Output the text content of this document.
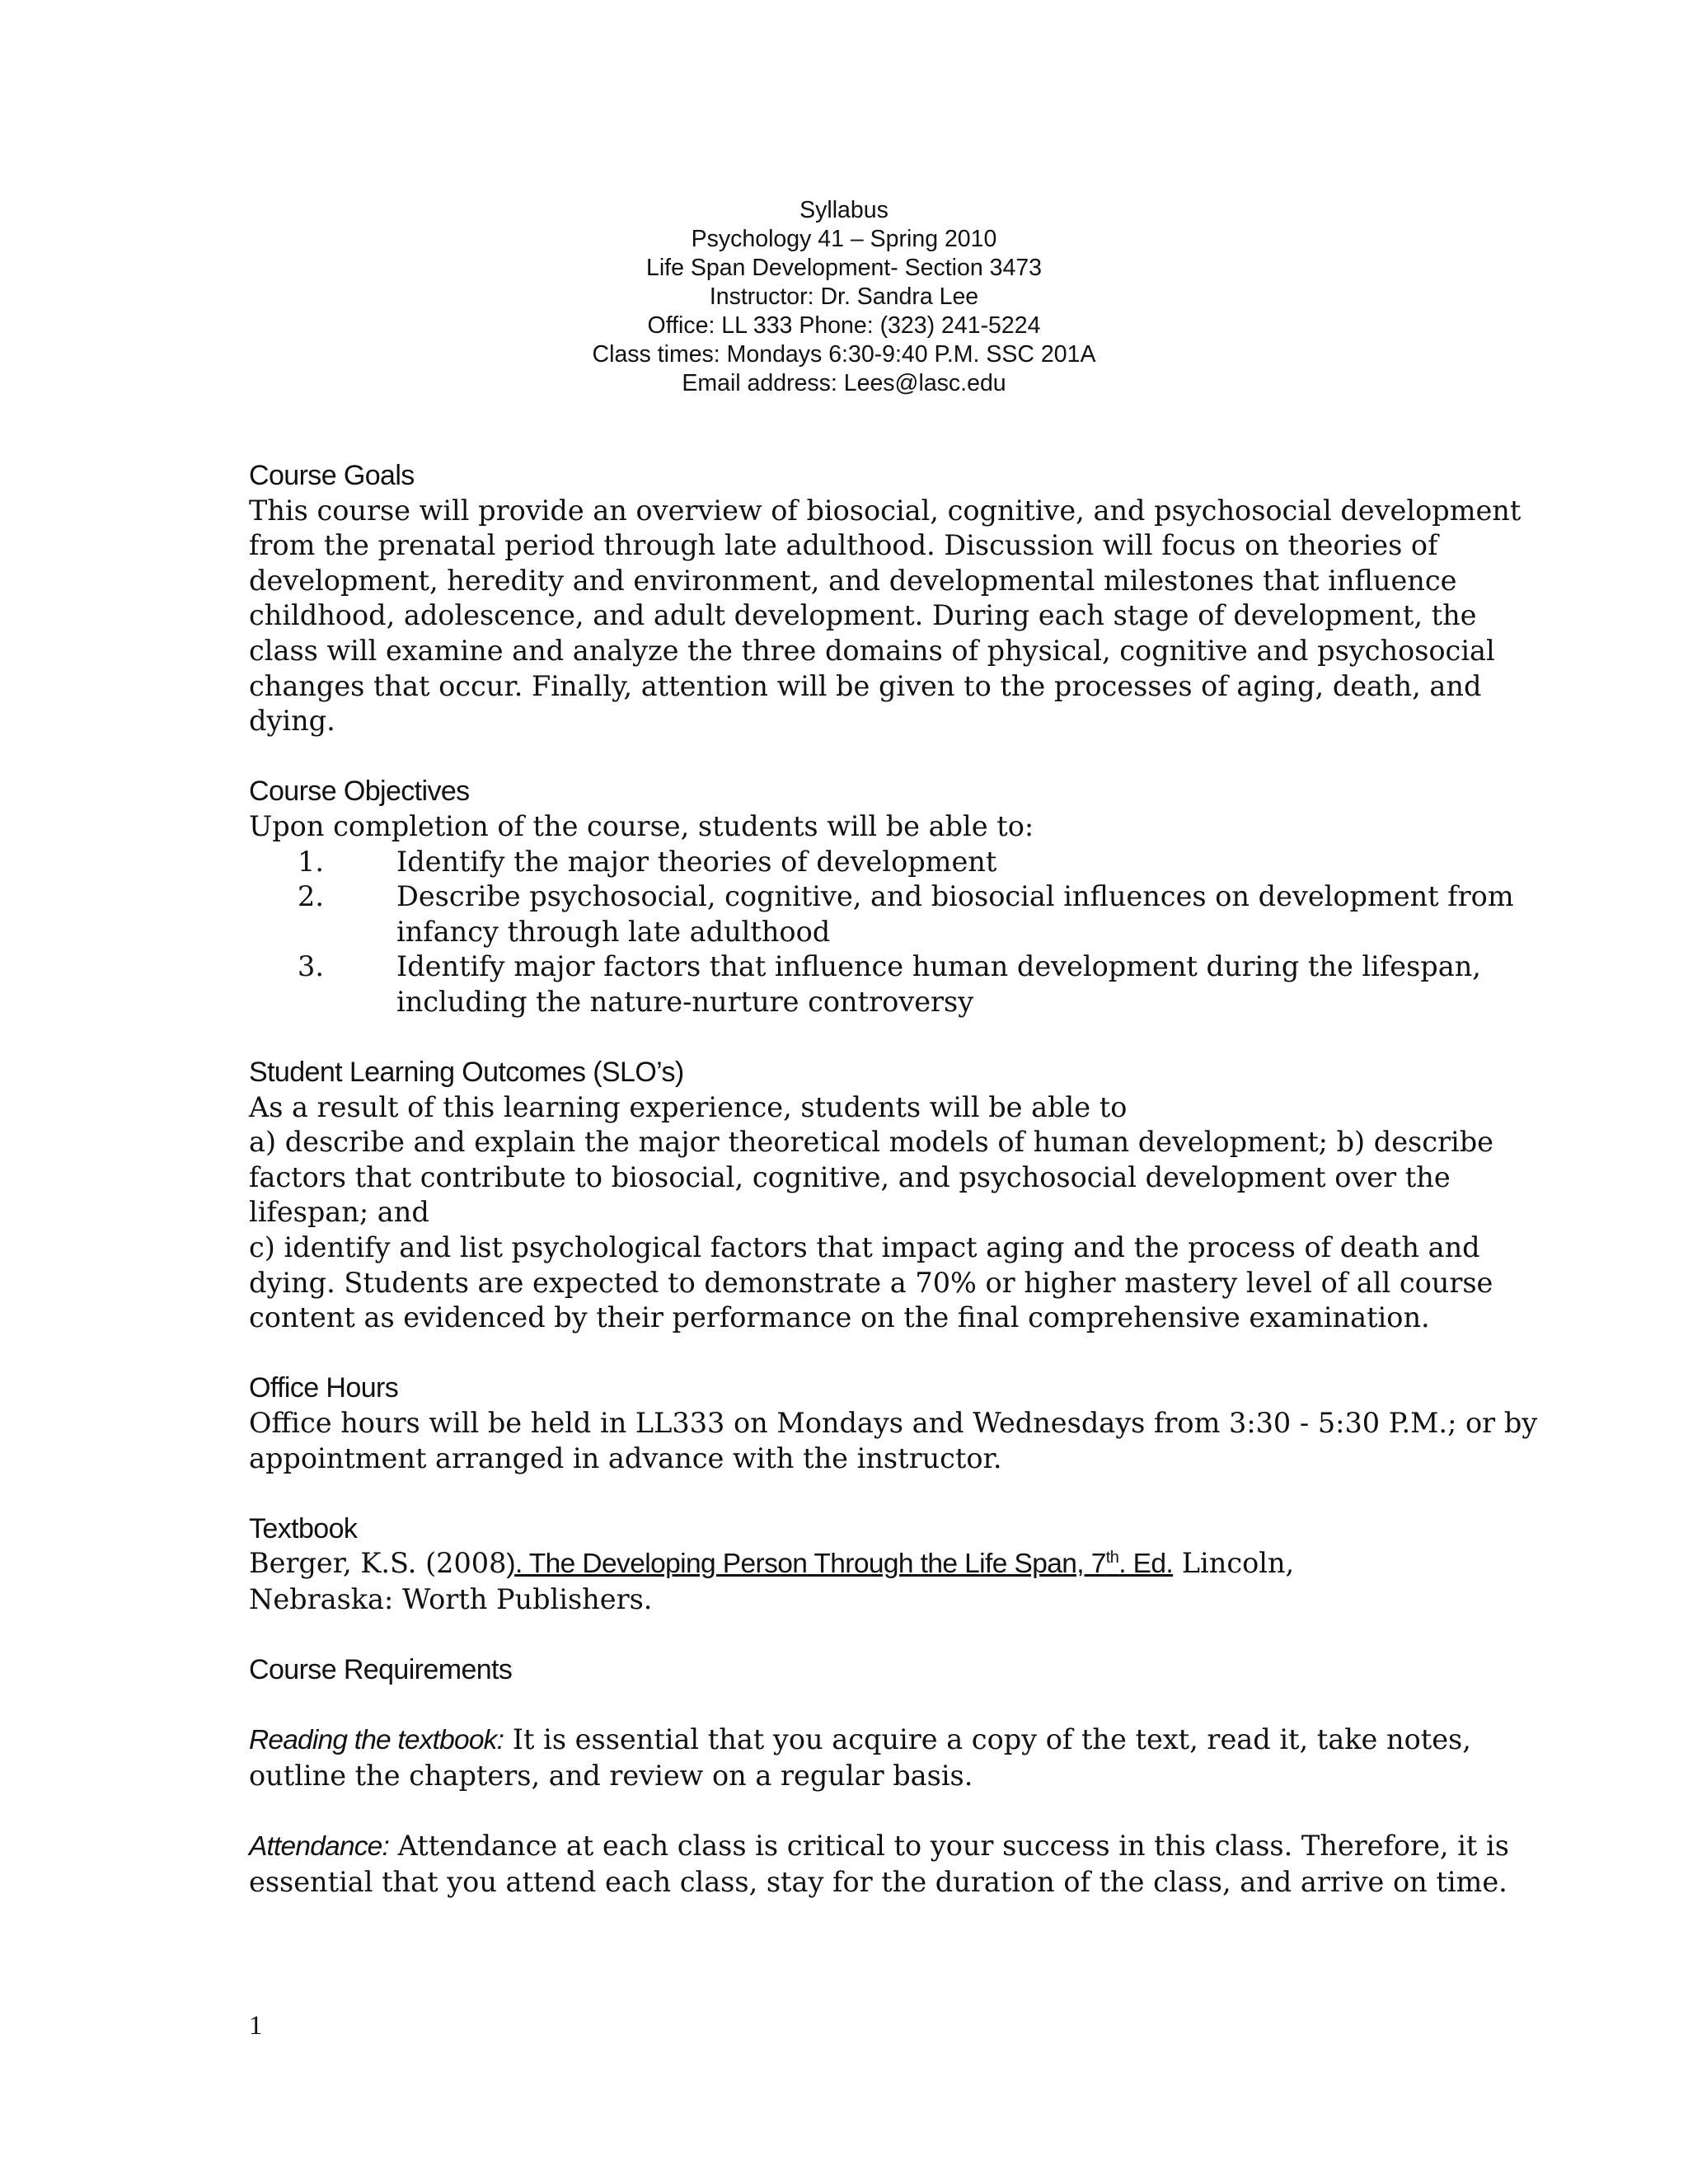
Syllabus
Psychology 41 – Spring 2010
Life Span Development- Section 3473
Instructor: Dr. Sandra Lee
Office: LL 333 Phone: (323) 241-5224
Class times: Mondays 6:30-9:40 P.M. SSC 201A
Email address: Lees@lasc.edu

Course Goals

This course will provide an overview of biosocial, cognitive, and psychosocial development

from the prenatal period through late adulthood. Discussion will focus on theories of

development, heredity and environment, and developmental milestones that influence

childhood, adolescence, and adult development. During each stage of development, the

class will examine and analyze the three domains of physical, cognitive and psychosocial

changes that occur. Finally, attention will be given to the processes of aging, death, and

dying.

Course Objectives

Upon completion of the course, students will be able to:

1.	Identify the major theories of development
2.	Describe psychosocial, cognitive, and biosocial influences on development from
infancy through late adulthood
3.	Identify major factors that influence human development during the lifespan,
including the nature-nurture controversy

Student Learning Outcomes (SLO’s)

As a result of this learning experience, students will be able to

a) describe and explain the major theoretical models of human development; b) describe

factors that contribute to biosocial, cognitive, and psychosocial development over the

lifespan; and

c) identify and list psychological factors that impact aging and the process of death and

dying. Students are expected to demonstrate a 70% or higher mastery level of all course

content as evidenced by their performance on the final comprehensive examination.

Office Hours

Office hours will be held in LL333 on Mondays and Wednesdays from 3:30 - 5:30 P.M.; or by

appointment arranged in advance with the instructor.

Textbook

Berger, K.S. (2008). The Developing Person Through the Life Span, 7th. Ed. Lincoln,

Nebraska: Worth Publishers.

Course Requirements

Reading the textbook: It is essential that you acquire a copy of the text, read it, take notes,

outline the chapters, and review on a regular basis.

Attendance: Attendance at each class is critical to your success in this class. Therefore, it is

essential that you attend each class, stay for the duration of the class, and arrive on time.

1
